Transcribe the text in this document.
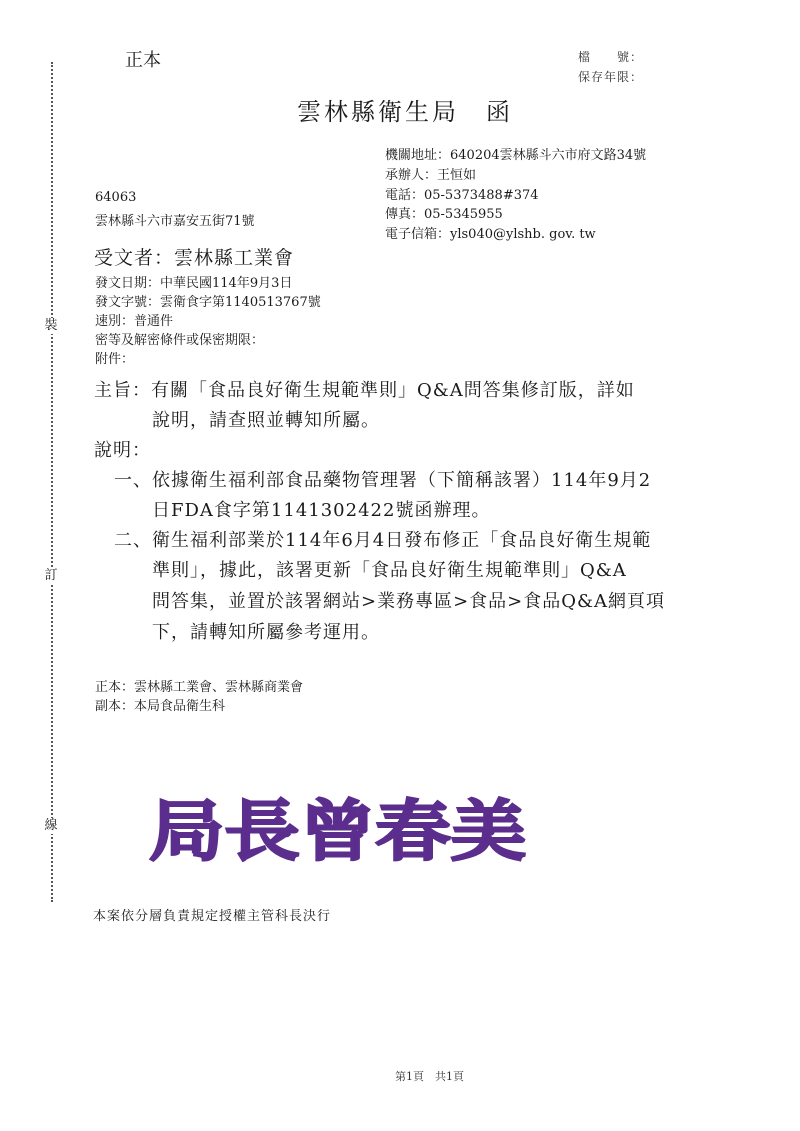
裝
訂
線
正本	檔　　號：
保存年限：
雲林縣衛生局　函
機關地址：640204雲林縣斗六市府文路34號
承辦人：王恒如
電話：05-5373488#374
傳真：05-5345955
電子信箱：yls040@ylshb. gov. tw
64063
雲林縣斗六市嘉安五街71號
受文者：雲林縣工業會
發文日期：中華民國114年9月3日
發文字號：雲衛食字第1140513767號
速別：普通件
密等及解密條件或保密期限：
附件：
主旨：有關「食品良好衛生規範準則」Q&A問答集修訂版，詳如
說明，請查照並轉知所屬。
說明：
一、依據衛生福利部食品藥物管理署（下簡稱該署）114年9月2
日FDA食字第1141302422號函辦理。
二、衛生福利部業於114年6月4日發布修正「食品良好衛生規範
準則」，據此，該署更新「食品良好衛生規範準則」Q&A
問答集，並置於該署網站>業務專區>食品>食品Q&A網頁項
下，請轉知所屬參考運用。
正本：雲林縣工業會、雲林縣商業會
副本：本局食品衛生科
局長曾春美
本案依分層負責規定授權主管科長決行
第1頁　共1頁
